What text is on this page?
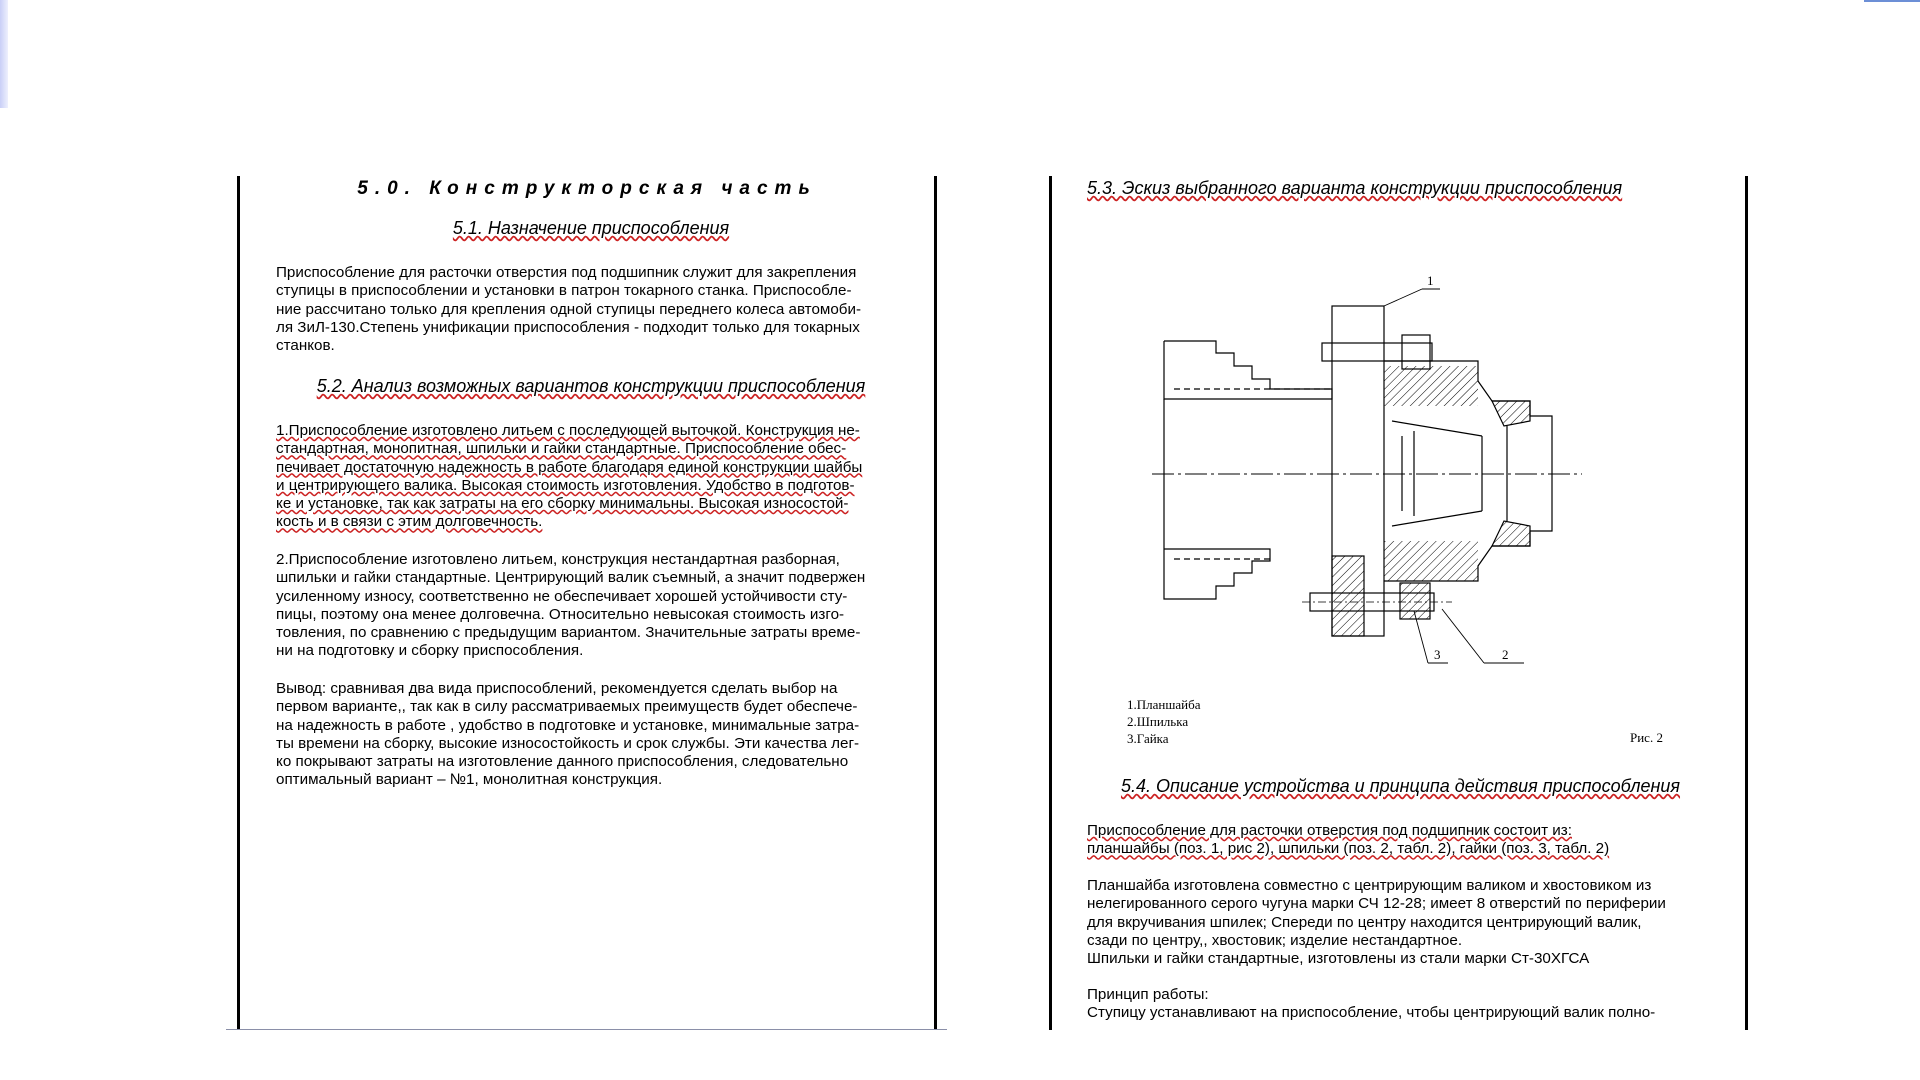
5.0. Конструкторская часть
5.1. Назначение приспособления
Приспособление для расточки отверстия под подшипник служит для закрепления
ступицы в приспособлении и установки в патрон токарного станка. Приспособле-
ние рассчитано только для крепления одной ступицы переднего колеса автомоби-
ля ЗиЛ-130.Степень унификации приспособления - подходит только для токарных
станков.
5.2. Анализ возможных вариантов конструкции приспособления
1.Приспособление изготовлено литьем с последующей выточкой. Конструкция не-
стандартная, монопитная, шпильки и гайки стандартные. Приспособление обес-
печивает достаточную надежность в работе благодаря единой конструкции шайбы
и центрирующего валика. Высокая стоимость изготовления. Удобство в подготов-
ке и установке, так как затраты на его сборку минимальны. Высокая износостой-
кость и в связи с этим долговечность.
2.Приспособление изготовлено литьем, конструкция нестандартная разборная,
шпильки и гайки стандартные. Центрирующий валик съемный, а значит подвержен
усиленному износу, соответственно не обеспечивает хорошей устойчивости сту-
пицы, поэтому она менее долговечна. Относительно невысокая стоимость изго-
товления, по сравнению с предыдущим вариантом. Значительные затраты време-
ни на подготовку и сборку приспособления.
Вывод: сравнивая два вида приспособлений, рекомендуется сделать выбор на
первом варианте,, так как в силу рассматриваемых преимуществ будет обеспече-
на надежность в работе , удобство в подготовке и установке, минимальные затра-
ты времени на сборку, высокие износостойкость и срок службы. Эти качества лег-
ко покрывают затраты на изготовление данного приспособления, следовательно
оптимальный вариант – №1, монолитная конструкция.
5.3. Эскиз выбранного варианта конструкции приспособления
1
2
3
1.Планшайба
2.Шпилька
3.Гайка	Рис. 2
5.4. Описание устройства и принципа действия приспособления
Приспособление для расточки отверстия под подшипник состоит из:
планшайбы (поз. 1, рис 2), шпильки (поз. 2, табл. 2), гайки (поз. 3, табл. 2)
Планшайба изготовлена совместно с центрирующим валиком и хвостовиком из
нелегированного серого чугуна марки СЧ 12-28; имеет 8 отверстий по периферии
для вкручивания шпилек; Спереди по центру находится центрирующий валик,
сзади по центру,, хвостовик; изделие нестандартное.
Шпильки и гайки стандартные, изготовлены из стали марки Ст-30ХГСА
Принцип работы:
Ступицу устанавливают на приспособление, чтобы центрирующий валик полно-
